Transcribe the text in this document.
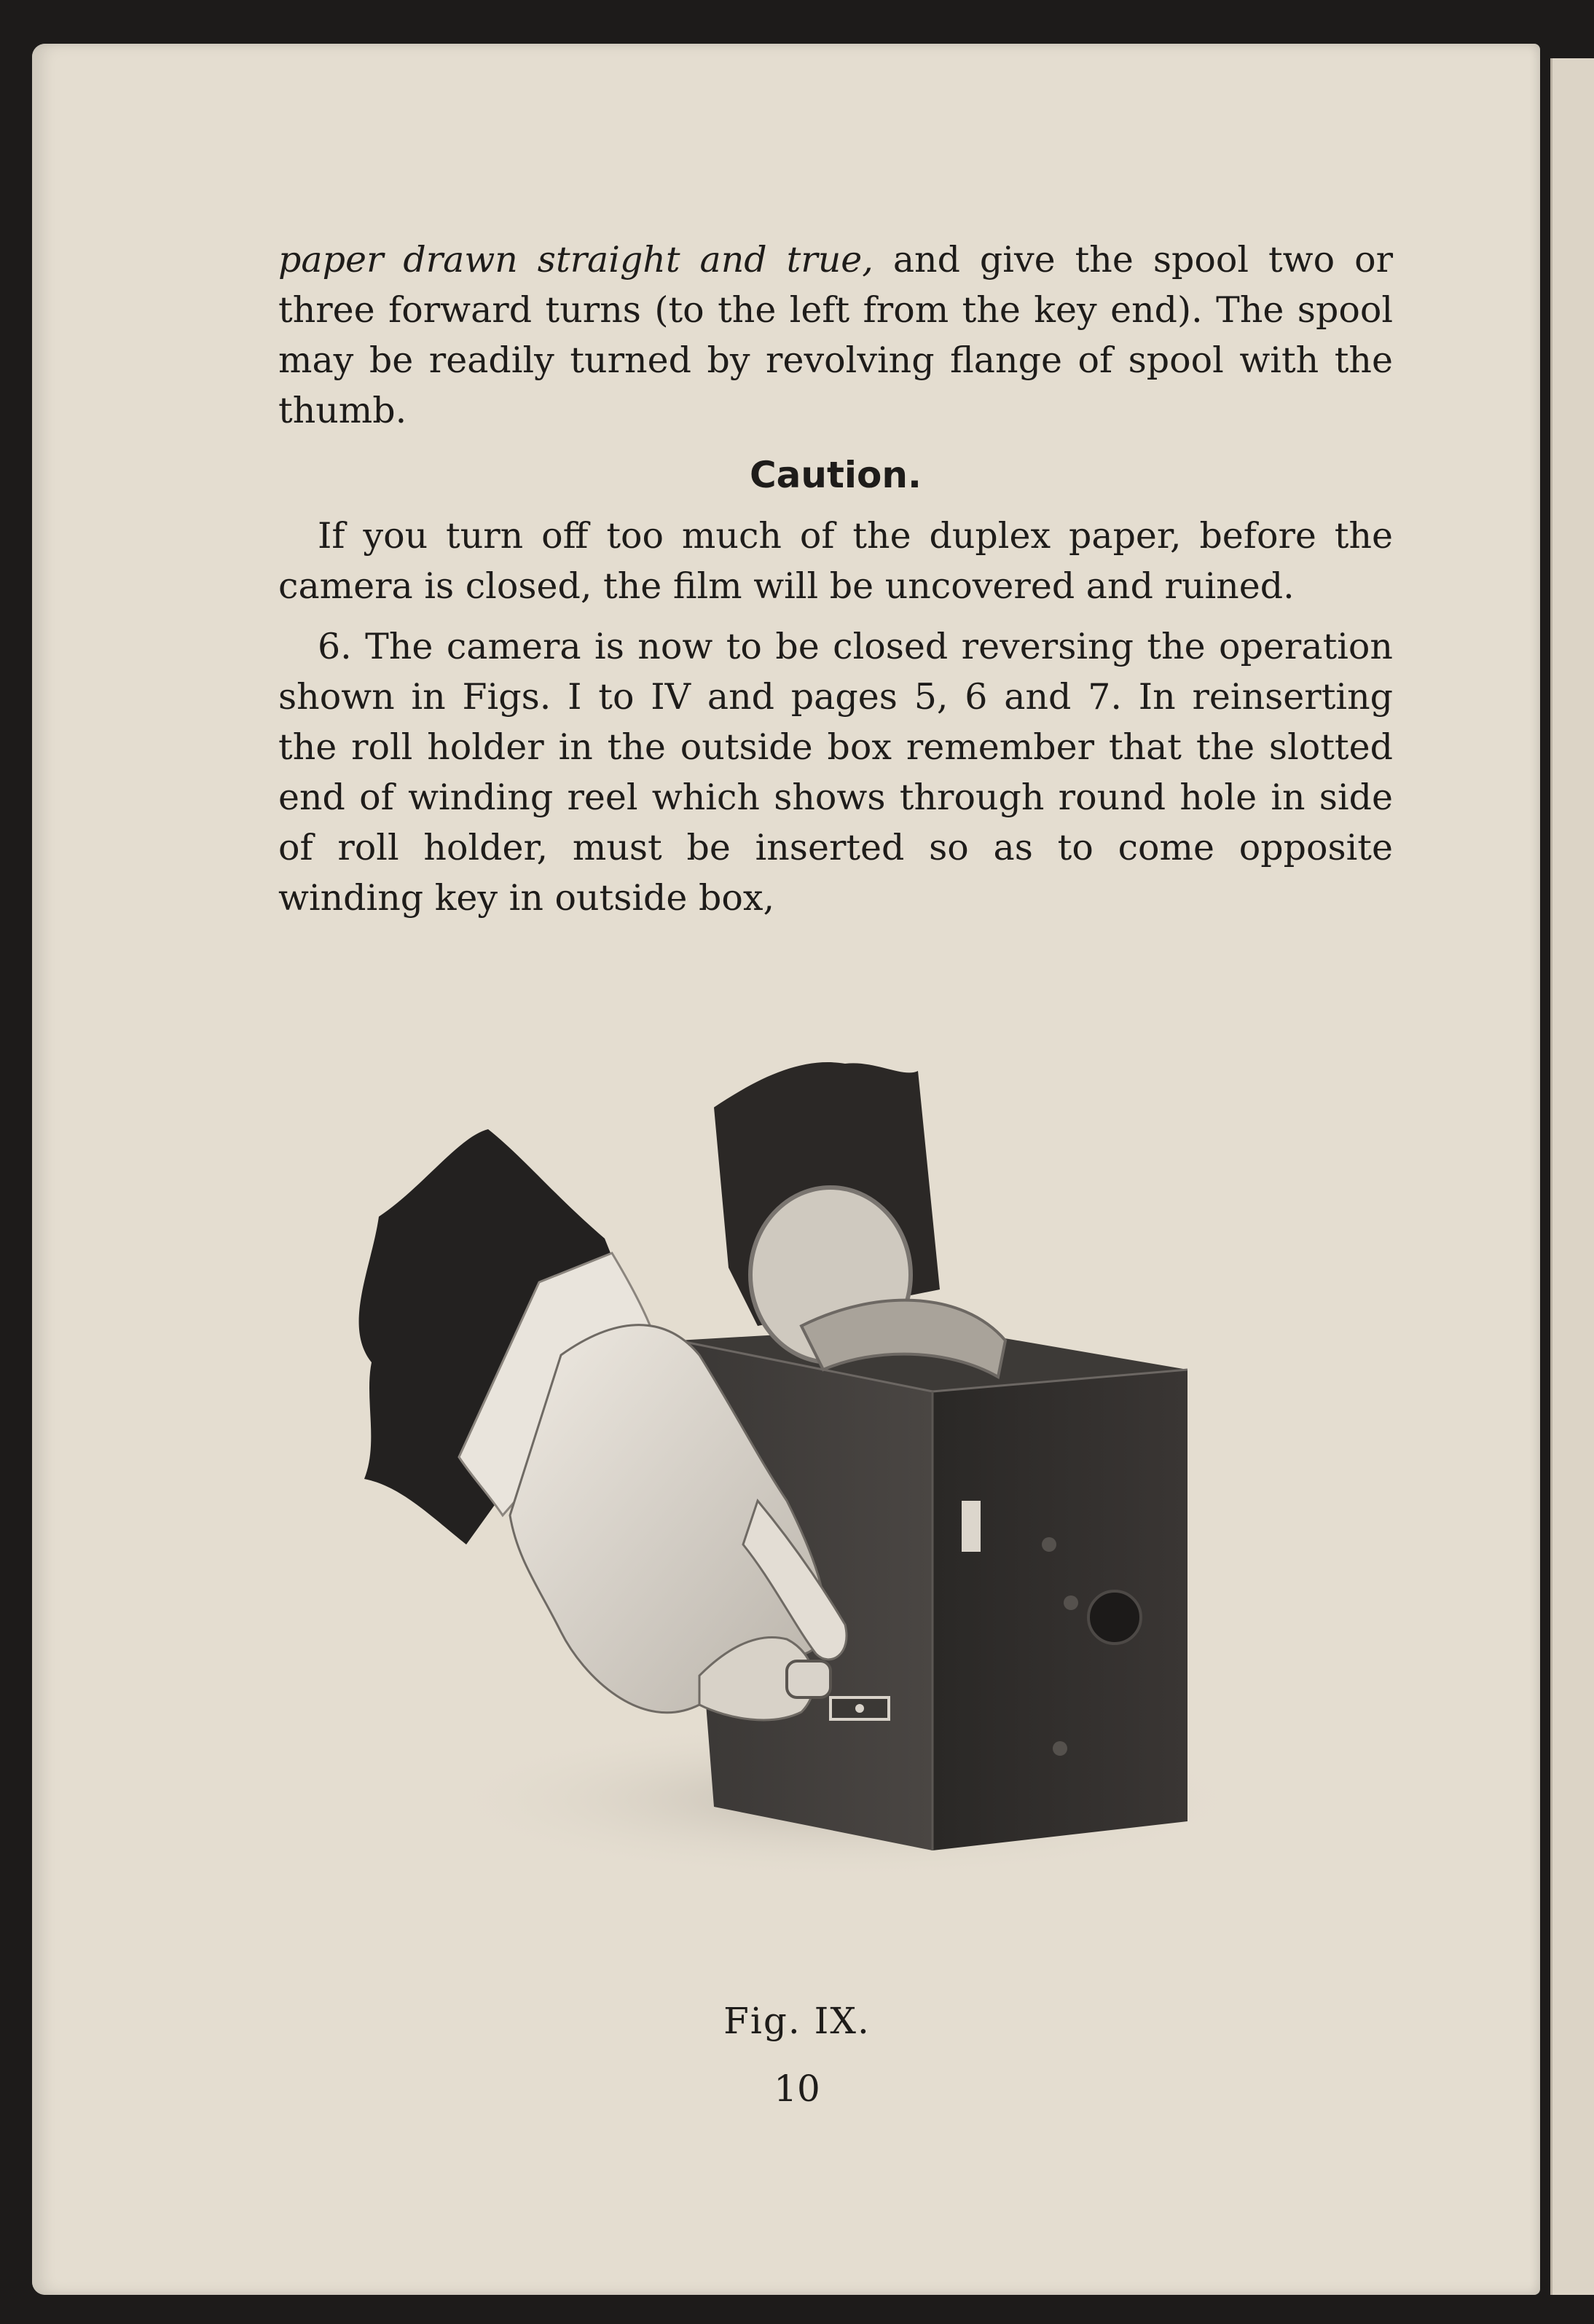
paper drawn straight and true, and give the spool two or three forward turns (to the left from the key end). The spool may be readily turned by revolving flange of spool with the thumb.

Caution.

If you turn off too much of the duplex paper, before the camera is closed, the film will be uncovered and ruined.

6. The camera is now to be closed reversing the operation shown in Figs. I to IV and pages 5, 6 and 7. In reinserting the roll holder in the outside box remember that the slotted end of winding reel which shows through round hole in side of roll holder, must be inserted so as to come opposite winding key in outside box,

Fig. IX.
10
